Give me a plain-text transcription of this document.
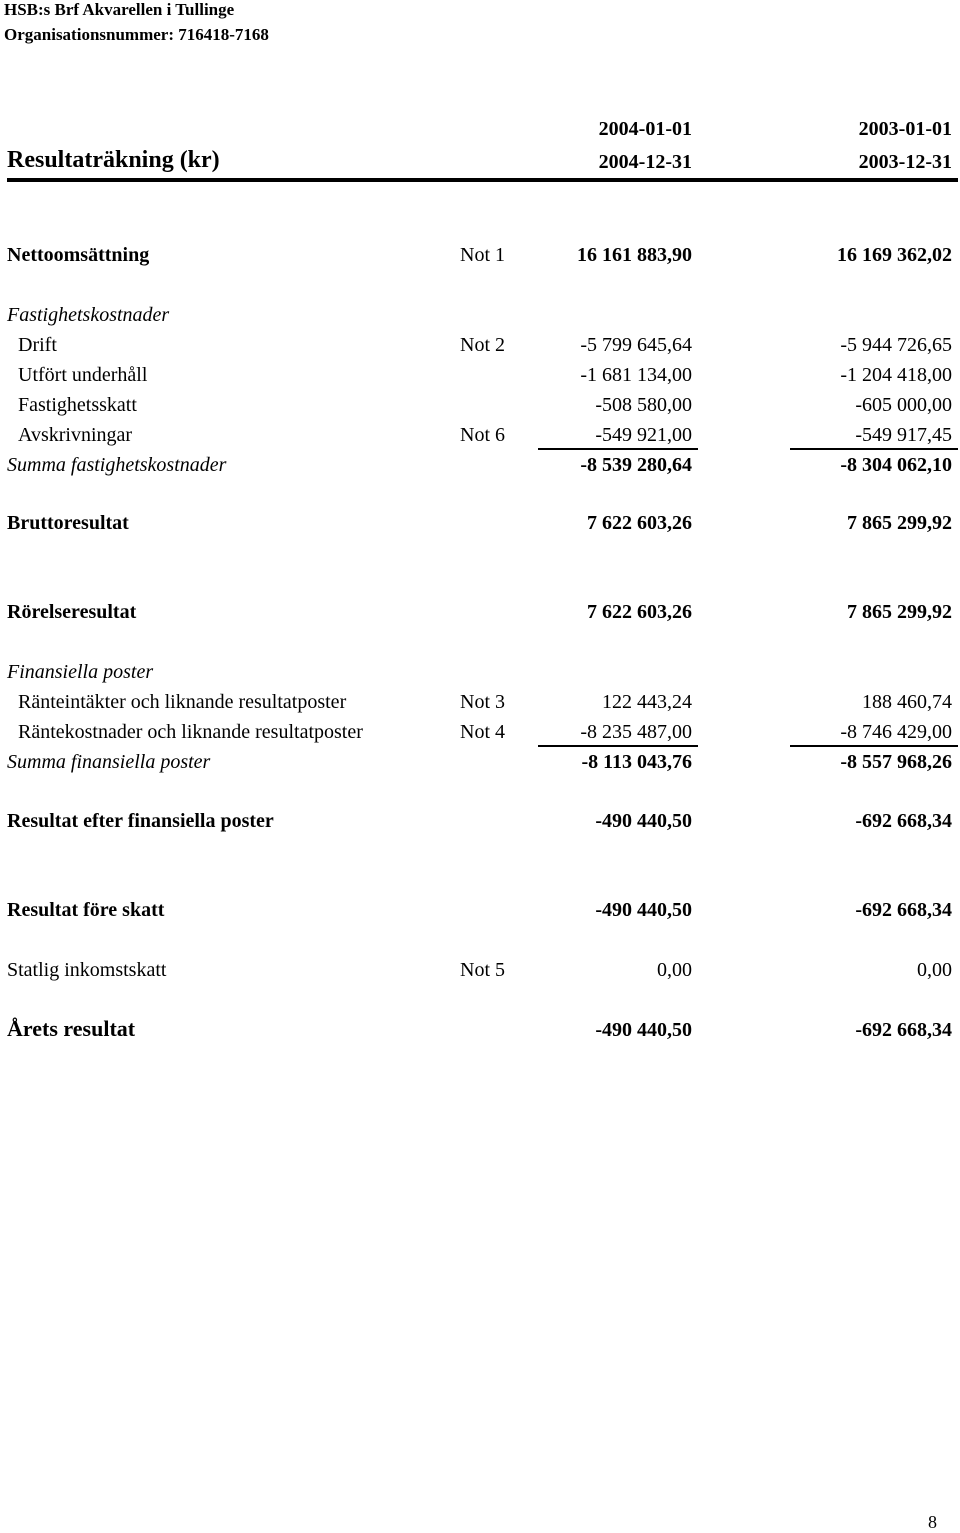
HSB:s Brf Akvarellen i Tullinge
Organisationsnummer: 716418-7168
2004-01-01	2003-01-01
Resultaträkning (kr)	2004-12-31	2003-12-31
Nettoomsättning	Not 1	16 161 883,90	16 169 362,02
Fastighetskostnader
Drift	Not 2	-5 799 645,64	-5 944 726,65
Utfört underhåll	-1 681 134,00	-1 204 418,00
Fastighetsskatt	-508 580,00	-605 000,00
Avskrivningar	Not 6	-549 921,00	-549 917,45
Summa fastighetskostnader	-8 539 280,64	-8 304 062,10
Bruttoresultat	7 622 603,26	7 865 299,92
Rörelseresultat	7 622 603,26	7 865 299,92
Finansiella poster
Ränteintäkter och liknande resultatposter	Not 3	122 443,24	188 460,74
Räntekostnader och liknande resultatposter	Not 4	-8 235 487,00	-8 746 429,00
Summa finansiella poster	-8 113 043,76	-8 557 968,26
Resultat efter finansiella poster	-490 440,50	-692 668,34
Resultat före skatt	-490 440,50	-692 668,34
Statlig inkomstskatt	Not 5	0,00	0,00
Årets resultat	-490 440,50	-692 668,34
8
